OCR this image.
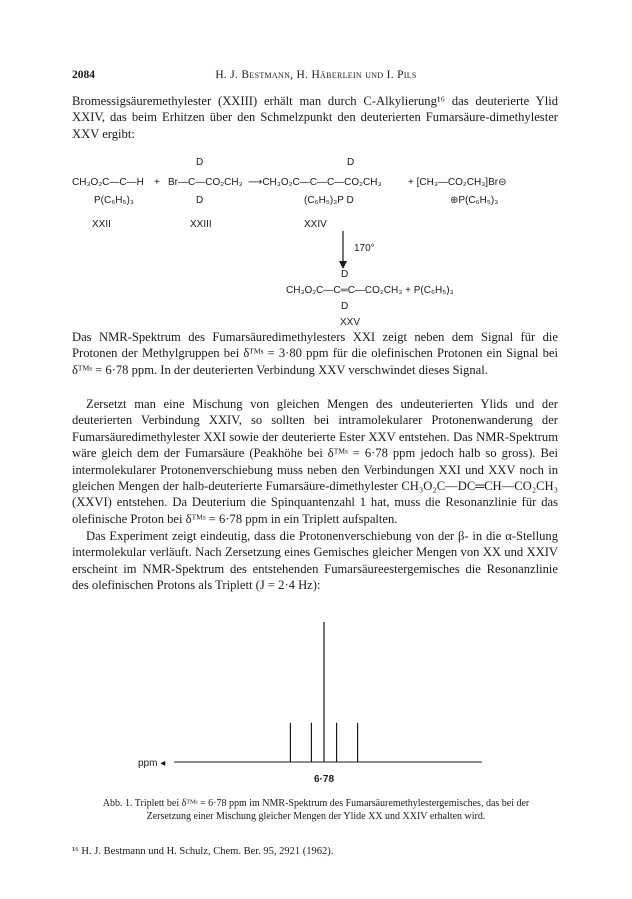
2084	H. J. Bestmann, H. Häberlein und I. Pils

Bromessigsäuremethylester (XXIII) erhält man durch C-Alkylierung¹⁶ das deuterierte Ylid XXIV, das beim Erhitzen über den Schmelzpunkt den deuterierten Fumarsäure-dimethylester XXV ergibt:

D	D
CH₃O₂C—C—H + Br—C—CO₂CH₃ ⟶CH₃O₂C—C—C—CO₂CH₃	+ [CH₃—CO₂CH₃]Br⊖
P(C₆H₅)₃	D	(C₆H₅)₃P D	⊕P(C₆H₅)₃
XXII	XXIII	XXIV
170°
D
CH₃O₂C—C═C—CO₂CH₃ + P(C₆H₅)₃
D
XXV

Das NMR-Spektrum des Fumarsäuredimethylesters XXI zeigt neben dem Signal für die Protonen der Methylgruppen bei δᵀᴹˢ = 3·80 ppm für die olefinischen Protonen ein Signal bei δᵀᴹˢ = 6·78 ppm. In der deuterierten Verbindung XXV verschwindet dieses Signal.

Zersetzt man eine Mischung von gleichen Mengen des undeuterierten Ylids und der deuterierten Verbindung XXIV, so sollten bei intramolekularer Protonenwanderung der Fumarsäuredimethylester XXI sowie der deuterierte Ester XXV entstehen. Das NMR-Spektrum wäre gleich dem der Fumarsäure (Peakhöhe bei δᵀᴹˢ = 6·78 ppm jedoch halb so gross). Bei intermolekularer Protonenverschiebung muss neben den Verbindungen XXI und XXV noch in gleichen Mengen der halb-deuterierte Fumarsäure-dimethylester CH₃O₂C—DC═CH—CO₂CH₃ (XXVI) entstehen. Da Deuterium die Spinquantenzahl 1 hat, muss die Resonanzlinie für das olefinische Proton bei δᵀᴹˢ = 6·78 ppm in ein Triplett aufspalten.

Das Experiment zeigt eindeutig, dass die Protonenverschiebung von der β- in die α-Stellung intermolekular verläuft. Nach Zersetzung eines Gemisches gleicher Mengen von XX und XXIV erscheint im NMR-Spektrum des entstehenden Fumarsäureestergemisches die Resonanzlinie des olefinischen Protons als Triplett (J = 2·4 Hz):

ppm ◂
6·78

Abb. 1. Triplett bei δᵀᴹˢ = 6·78 ppm im NMR-Spektrum des Fumarsäuremethylestergemisches, das bei der Zersetzung einer Mischung gleicher Mengen der Ylide XX und XXIV erhalten wird.

¹⁶ H. J. Bestmann und H. Schulz, Chem. Ber. 95, 2921 (1962).
